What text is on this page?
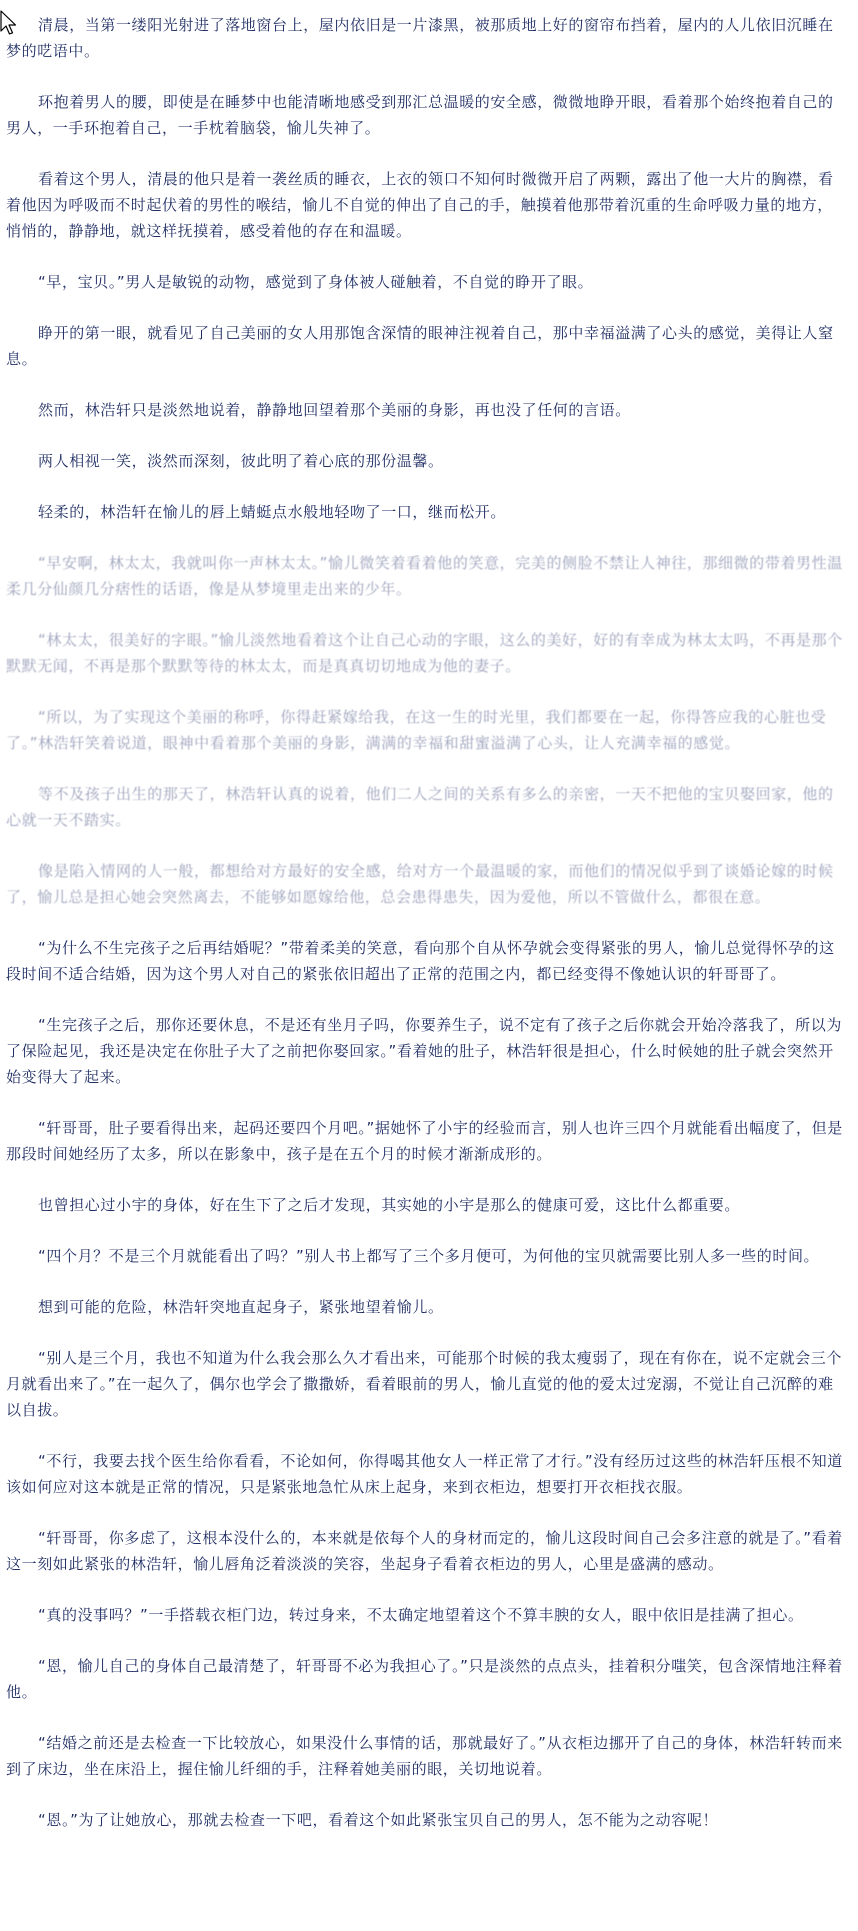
清晨，当第一缕阳光射进了落地窗台上，屋内依旧是一片漆黑，被那质地上好的窗帘布挡着，屋内的人儿依旧沉睡在梦的呓语中。

环抱着男人的腰，即使是在睡梦中也能清晰地感受到那汇总温暖的安全感，微微地睁开眼，看着那个始终抱着自己的男人，一手环抱着自己，一手枕着脑袋，愉儿失神了。

看着这个男人，清晨的他只是着一袭丝质的睡衣，上衣的领口不知何时微微开启了两颗，露出了他一大片的胸襟，看着他因为呼吸而不时起伏着的男性的喉结，愉儿不自觉的伸出了自己的手，触摸着他那带着沉重的生命呼吸力量的地方，悄悄的，静静地，就这样抚摸着，感受着他的存在和温暖。

“早，宝贝。”男人是敏锐的动物，感觉到了身体被人碰触着，不自觉的睁开了眼。

睁开的第一眼，就看见了自己美丽的女人用那饱含深情的眼神注视着自己，那中幸福溢满了心头的感觉，美得让人窒息。

然而，林浩轩只是淡然地说着，静静地回望着那个美丽的身影，再也没了任何的言语。

两人相视一笑，淡然而深刻，彼此明了着心底的那份温馨。

轻柔的，林浩轩在愉儿的唇上蜻蜓点水般地轻吻了一口，继而松开。

“早安啊，林太太，我就叫你一声林太太。”愉儿微笑着看着他的笑意，完美的侧脸不禁让人神往，那细微的带着男性温柔几分仙颜几分痞性的话语，像是从梦境里走出来的少年。

“林太太，很美好的字眼。”愉儿淡然地看着这个让自己心动的字眼，这么的美好，好的有幸成为林太太吗，不再是那个默默无闻，不再是那个默默等待的林太太，而是真真切切地成为他的妻子。

“所以，为了实现这个美丽的称呼，你得赶紧嫁给我，在这一生的时光里，我们都要在一起，你得答应我的心脏也受了。”林浩轩笑着说道，眼神中看着那个美丽的身影，满满的幸福和甜蜜溢满了心头，让人充满幸福的感觉。

等不及孩子出生的那天了，林浩轩认真的说着，他们二人之间的关系有多么的亲密，一天不把他的宝贝娶回家，他的心就一天不踏实。

像是陷入情网的人一般，都想给对方最好的安全感，给对方一个最温暖的家，而他们的情况似乎到了谈婚论嫁的时候了，愉儿总是担心她会突然离去，不能够如愿嫁给他，总会患得患失，因为爱他，所以不管做什么，都很在意。

“为什么不生完孩子之后再结婚呢？”带着柔美的笑意，看向那个自从怀孕就会变得紧张的男人，愉儿总觉得怀孕的这段时间不适合结婚，因为这个男人对自己的紧张依旧超出了正常的范围之内，都已经变得不像她认识的轩哥哥了。

“生完孩子之后，那你还要休息，不是还有坐月子吗，你要养生子，说不定有了孩子之后你就会开始冷落我了，所以为了保险起见，我还是决定在你肚子大了之前把你娶回家。”看着她的肚子，林浩轩很是担心，什么时候她的肚子就会突然开始变得大了起来。

“轩哥哥，肚子要看得出来，起码还要四个月吧。”据她怀了小宇的经验而言，别人也许三四个月就能看出幅度了，但是那段时间她经历了太多，所以在影象中，孩子是在五个月的时候才渐渐成形的。

也曾担心过小宇的身体，好在生下了之后才发现，其实她的小宇是那么的健康可爱，这比什么都重要。

“四个月？不是三个月就能看出了吗？”别人书上都写了三个多月便可，为何他的宝贝就需要比别人多一些的时间。

想到可能的危险，林浩轩突地直起身子，紧张地望着愉儿。

“别人是三个月，我也不知道为什么我会那么久才看出来，可能那个时候的我太瘦弱了，现在有你在，说不定就会三个月就看出来了。”在一起久了，偶尔也学会了撒撒娇，看着眼前的男人，愉儿直觉的他的爱太过宠溺，不觉让自己沉醉的难以自拔。

“不行，我要去找个医生给你看看，不论如何，你得喝其他女人一样正常了才行。”没有经历过这些的林浩轩压根不知道该如何应对这本就是正常的情况，只是紧张地急忙从床上起身，来到衣柜边，想要打开衣柜找衣服。

“轩哥哥，你多虑了，这根本没什么的，本来就是依每个人的身材而定的，愉儿这段时间自己会多注意的就是了。”看着这一刻如此紧张的林浩轩，愉儿唇角泛着淡淡的笑容，坐起身子看着衣柜边的男人，心里是盛满的感动。

“真的没事吗？”一手搭载衣柜门边，转过身来，不太确定地望着这个不算丰腴的女人，眼中依旧是挂满了担心。

“恩，愉儿自己的身体自己最清楚了，轩哥哥不必为我担心了。”只是淡然的点点头，挂着积分嗤笑，包含深情地注释着他。

“结婚之前还是去检查一下比较放心，如果没什么事情的话，那就最好了。”从衣柜边挪开了自己的身体，林浩轩转而来到了床边，坐在床沿上，握住愉儿纤细的手，注释着她美丽的眼，关切地说着。

“恩。”为了让她放心，那就去检查一下吧，看着这个如此紧张宝贝自己的男人，怎不能为之动容呢！
